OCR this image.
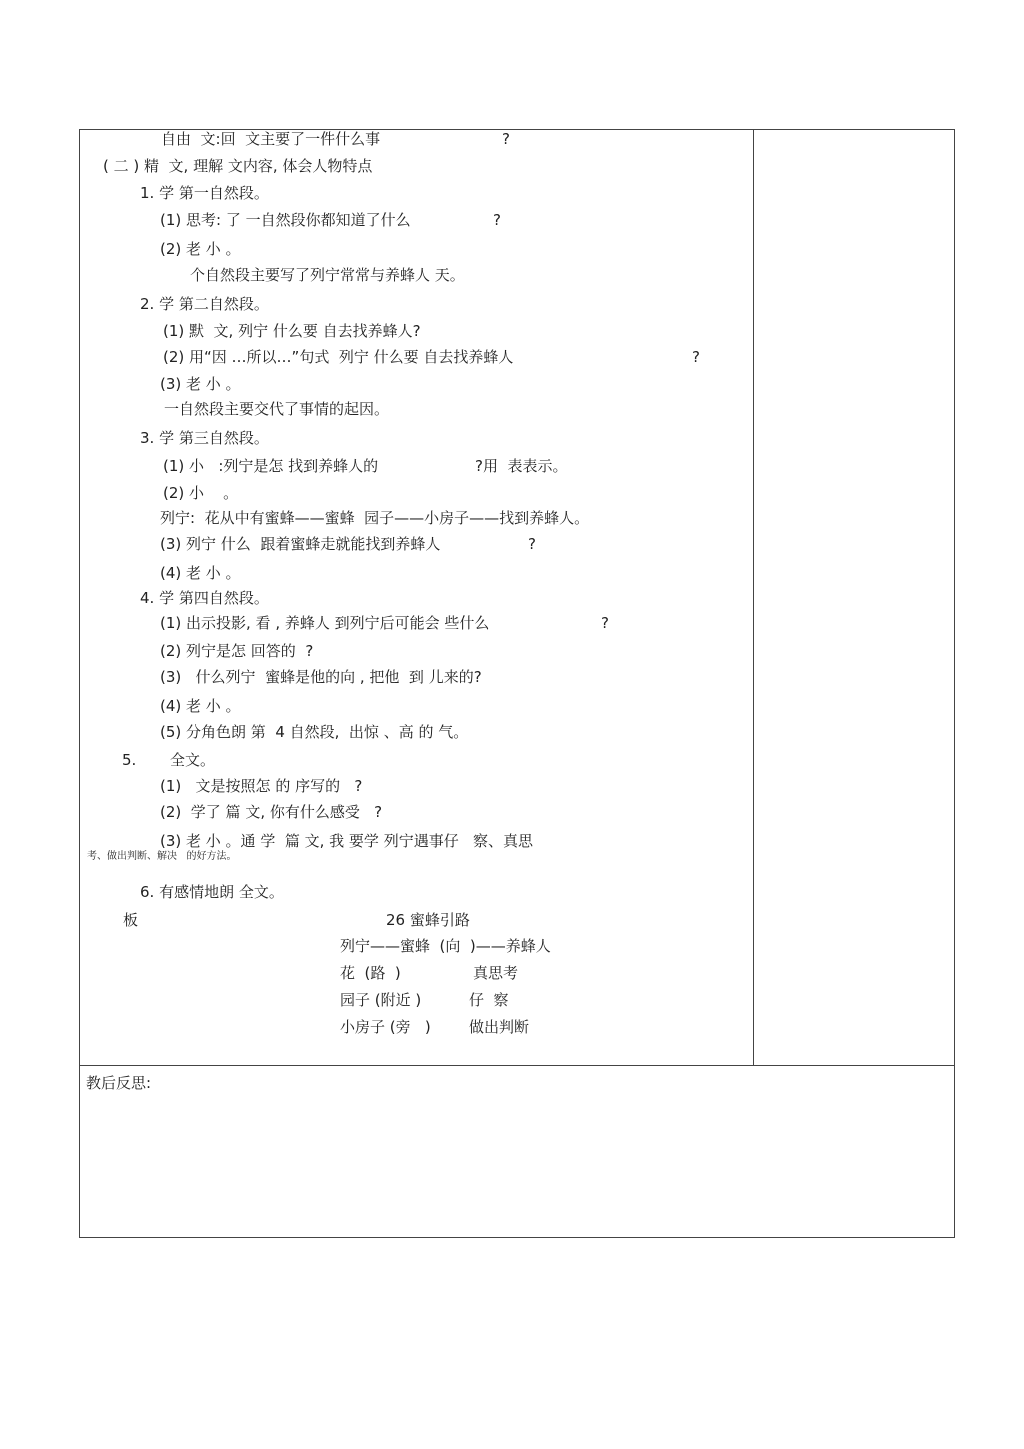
自由  文:回  文主要了一件什么事	?
( 二 ) 精  文, 理解 文内容, 体会人物特点
1. 学 第一自然段。
(1) 思考: 了 一自然段你都知道了什么	?
(2) 老 小 。
个自然段主要写了列宁常常与养蜂人 天。
2. 学 第二自然段。
(1) 默  文, 列宁 什么要 自去找养蜂人?
(2) 用“因 …所以…”句式  列宁 什么要 自去找养蜂人	?
(3) 老 小 。
一自然段主要交代了事情的起因。
3. 学 第三自然段。
(1) 小   :列宁是怎 找到养蜂人的	?用  表表示。
(2) 小    。
列宁:  花从中有蜜蜂——蜜蜂  园子——小房子——找到养蜂人。
(3) 列宁 什么  跟着蜜蜂走就能找到养蜂人	?
(4) 老 小 。
4. 学 第四自然段。
(1) 出示投影, 看 , 养蜂人 到列宁后可能会 些什么	?
(2) 列宁是怎 回答的  ?
(3)   什么列宁  蜜蜂是他的向 , 把他  到 儿来的?
(4) 老 小 。
(5) 分角色朗 第  4 自然段,  出惊 、高 的 气。
5. 全文。
(1)   文是按照怎 的 序写的   ?
(2)  学了 篇 文, 你有什么感受   ?
(3) 老 小 。通 学  篇 文, 我 要学 列宁遇事仔   察、真思
考、做出判断、解决   的好方法。
6. 有感情地朗 全文。
板	26 蜜蜂引路
列宁——蜜蜂  (向  )——养蜂人
花  (路  )	真思考
园子 (附近 )	仔  察
小房子 (旁   )	做出判断
教后反思:
